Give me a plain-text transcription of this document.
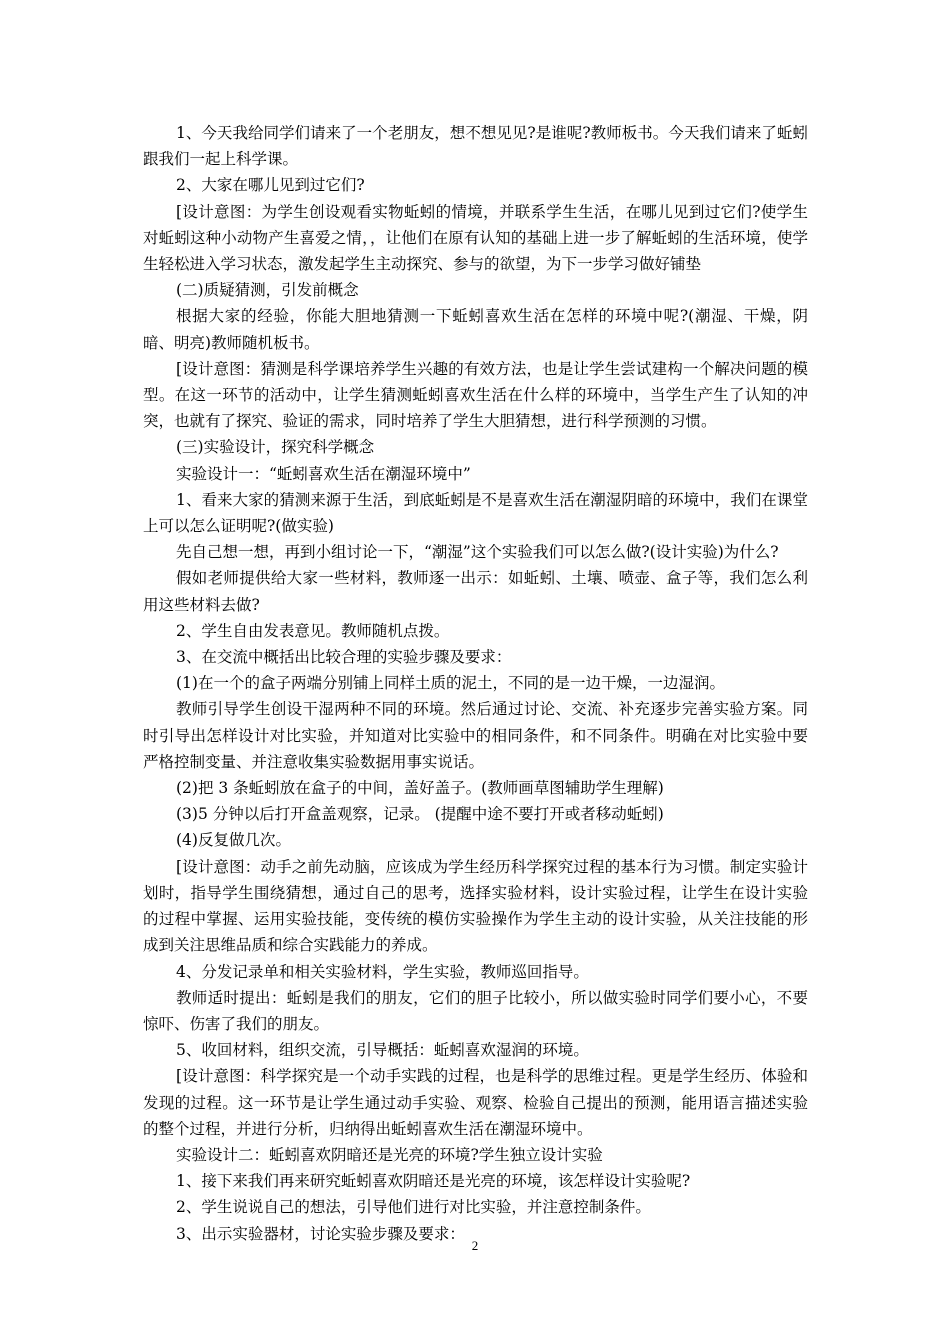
1、今天我给同学们请来了一个老朋友，想不想见见?是谁呢?教师板书。今天我们请来了蚯蚓跟我们一起上科学课。

2、大家在哪儿见到过它们?

[设计意图：为学生创设观看实物蚯蚓的情境，并联系学生生活，在哪儿见到过它们?使学生对蚯蚓这种小动物产生喜爱之情，，让他们在原有认知的基础上进一步了解蚯蚓的生活环境，使学生轻松进入学习状态，激发起学生主动探究、参与的欲望，为下一步学习做好铺垫

(二)质疑猜测，引发前概念

根据大家的经验，你能大胆地猜测一下蚯蚓喜欢生活在怎样的环境中呢?(潮湿、干燥，阴暗、明亮)教师随机板书。

[设计意图：猜测是科学课培养学生兴趣的有效方法，也是让学生尝试建构一个解决问题的模型。在这一环节的活动中，让学生猜测蚯蚓喜欢生活在什么样的环境中，当学生产生了认知的冲突，也就有了探究、验证的需求，同时培养了学生大胆猜想，进行科学预测的习惯。

(三)实验设计，探究科学概念

实验设计一：“蚯蚓喜欢生活在潮湿环境中”

1、看来大家的猜测来源于生活，到底蚯蚓是不是喜欢生活在潮湿阴暗的环境中，我们在课堂上可以怎么证明呢?(做实验)

先自己想一想，再到小组讨论一下，“潮湿”这个实验我们可以怎么做?(设计实验)为什么?

假如老师提供给大家一些材料，教师逐一出示：如蚯蚓、土壤、喷壶、盒子等，我们怎么利用这些材料去做?

2、学生自由发表意见。教师随机点拨。

3、在交流中概括出比较合理的实验步骤及要求：

(1)在一个的盒子两端分别铺上同样土质的泥土，不同的是一边干燥，一边湿润。

教师引导学生创设干湿两种不同的环境。然后通过讨论、交流、补充逐步完善实验方案。同时引导出怎样设计对比实验，并知道对比实验中的相同条件，和不同条件。明确在对比实验中要严格控制变量、并注意收集实验数据用事实说话。

(2)把 3 条蚯蚓放在盒子的中间，盖好盖子。(教师画草图辅助学生理解)

(3)5 分钟以后打开盒盖观察，记录。 (提醒中途不要打开或者移动蚯蚓)

(4)反复做几次。

[设计意图：动手之前先动脑，应该成为学生经历科学探究过程的基本行为习惯。制定实验计划时，指导学生围绕猜想，通过自己的思考，选择实验材料，设计实验过程，让学生在设计实验的过程中掌握、运用实验技能，变传统的模仿实验操作为学生主动的设计实验，从关注技能的形成到关注思维品质和综合实践能力的养成。

4、分发记录单和相关实验材料，学生实验，教师巡回指导。

教师适时提出：蚯蚓是我们的朋友，它们的胆子比较小，所以做实验时同学们要小心，不要惊吓、伤害了我们的朋友。

5、收回材料，组织交流，引导概括：蚯蚓喜欢湿润的环境。

[设计意图：科学探究是一个动手实践的过程，也是科学的思维过程。更是学生经历、体验和发现的过程。这一环节是让学生通过动手实验、观察、检验自己提出的预测，能用语言描述实验的整个过程，并进行分析，归纳得出蚯蚓喜欢生活在潮湿环境中。

实验设计二：蚯蚓喜欢阴暗还是光亮的环境?学生独立设计实验

1、接下来我们再来研究蚯蚓喜欢阴暗还是光亮的环境，该怎样设计实验呢?

2、学生说说自己的想法，引导他们进行对比实验，并注意控制条件。

3、出示实验器材，讨论实验步骤及要求：

2
